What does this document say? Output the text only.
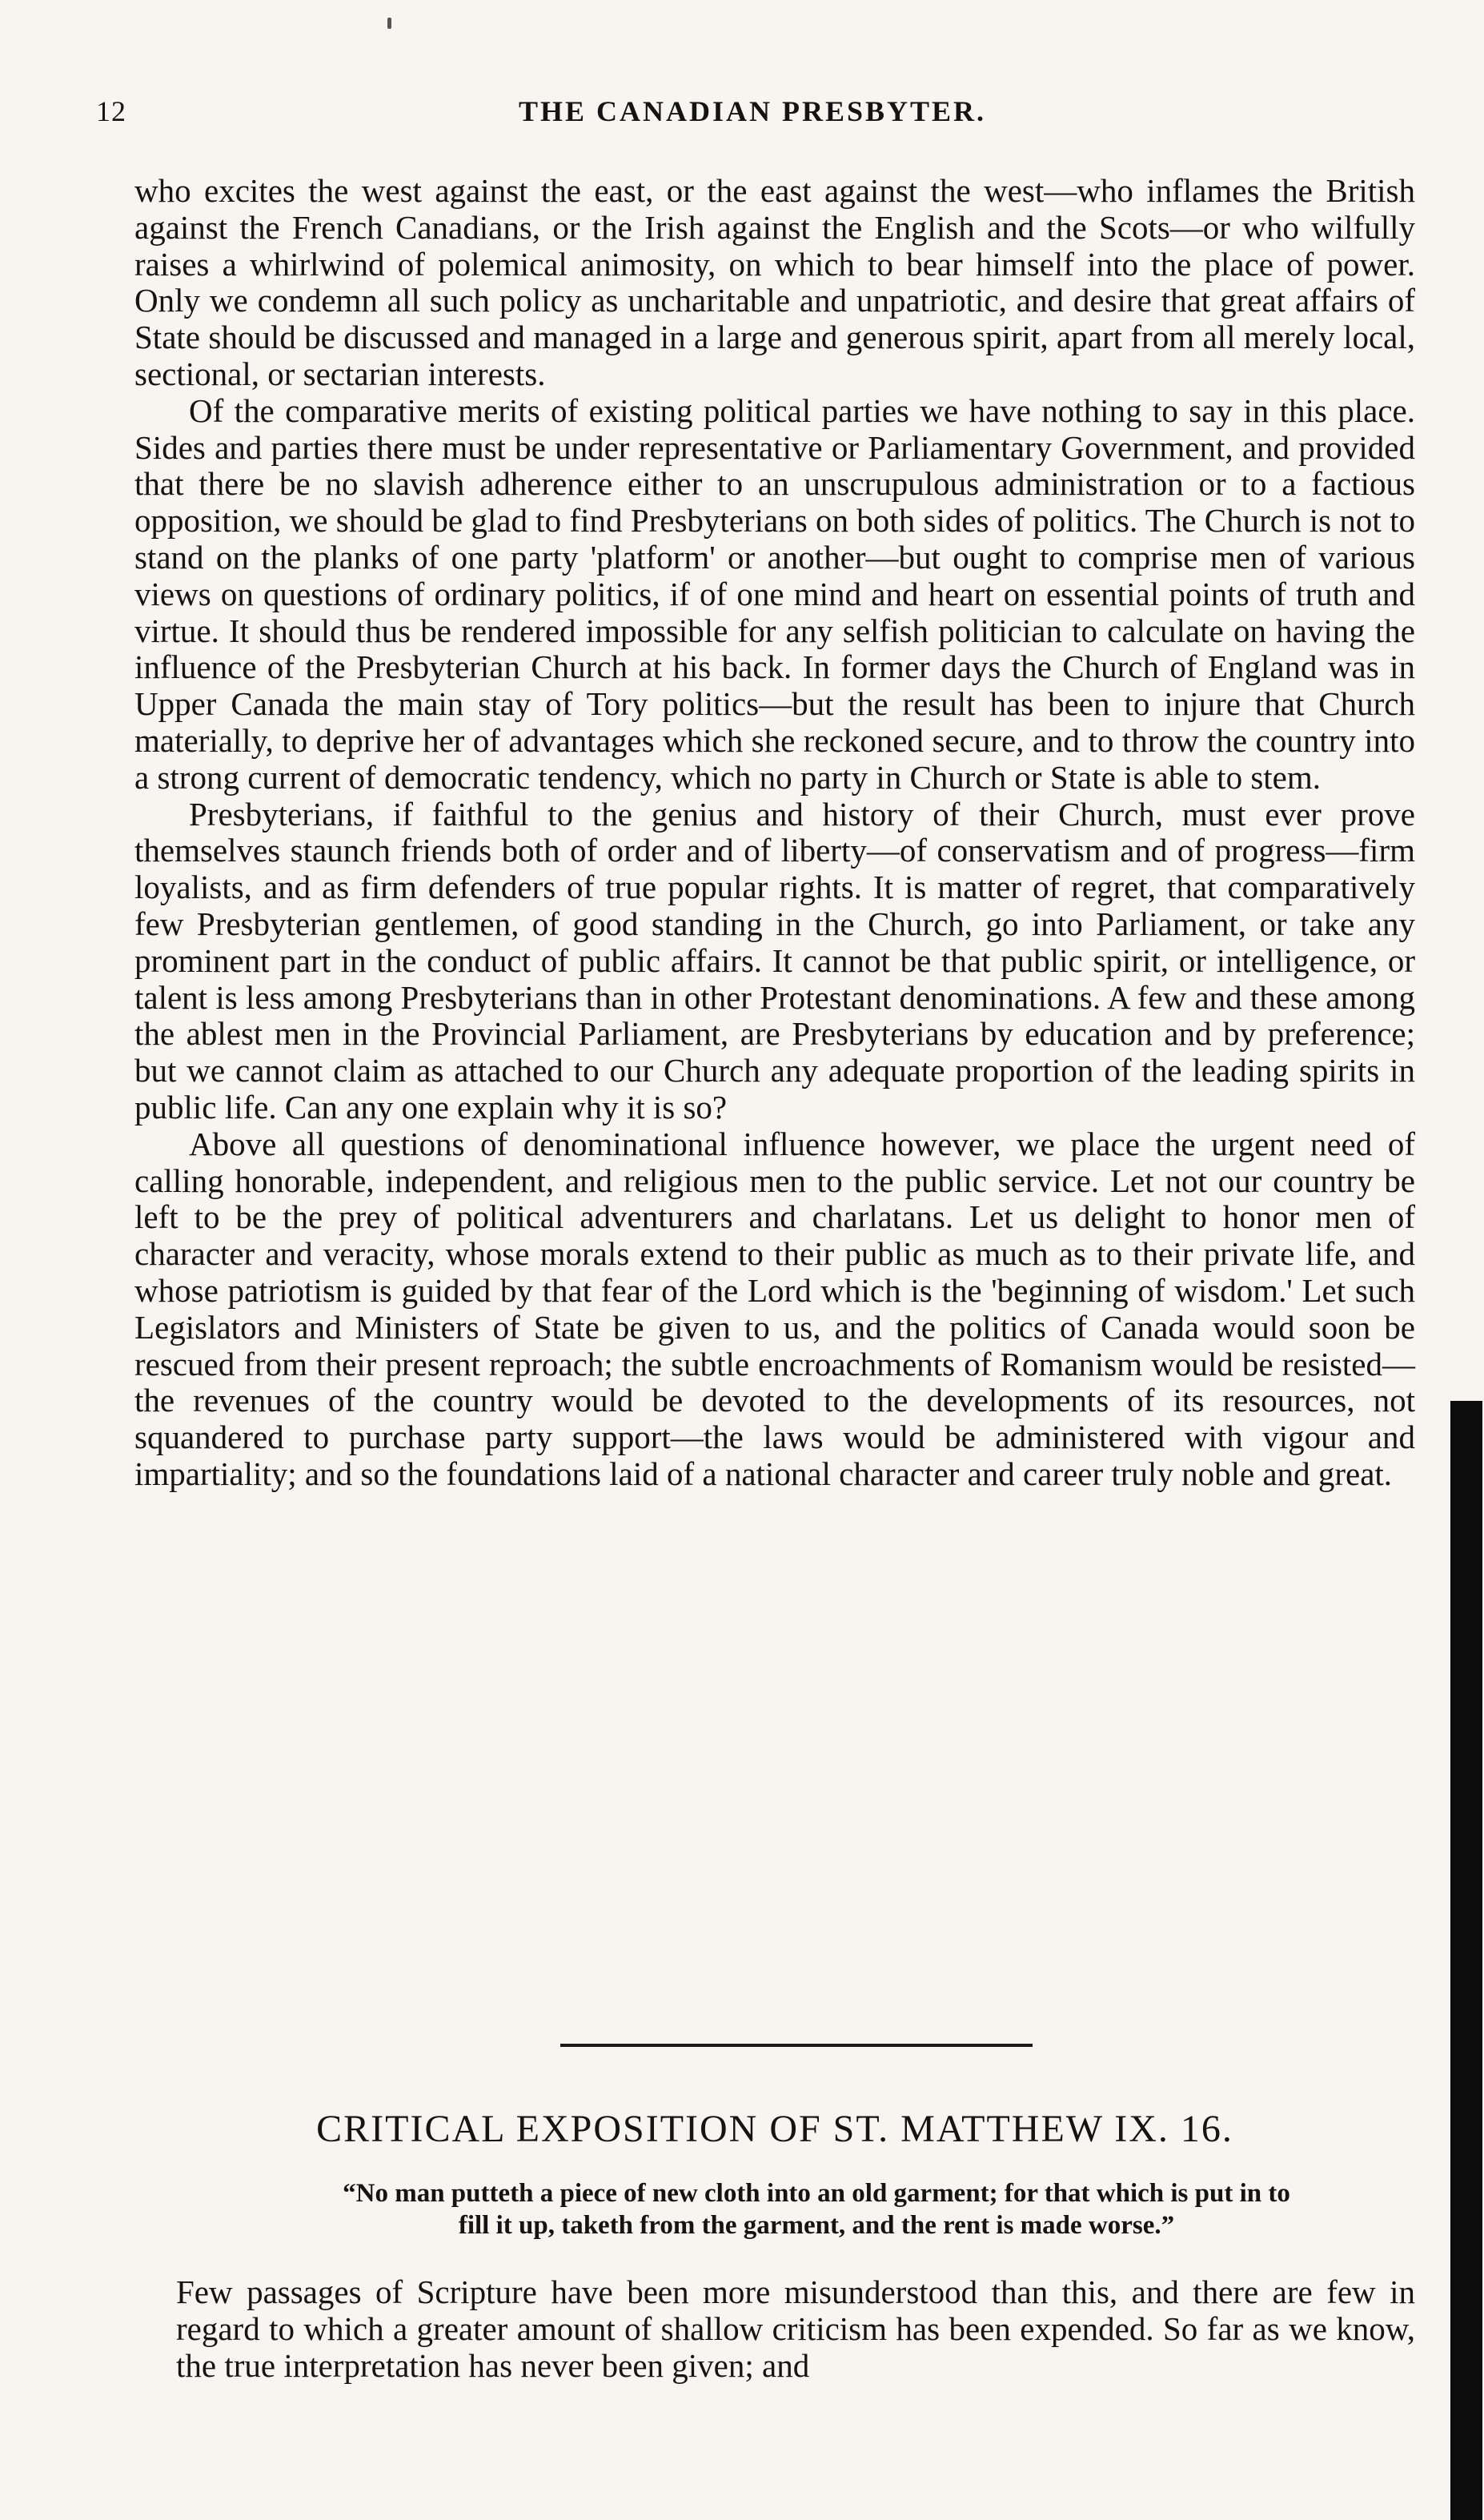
12	THE CANADIAN PRESBYTER.

who excites the west against the east, or the east against the west—who inflames the British against the French Canadians, or the Irish against the English and the Scots—or who wilfully raises a whirlwind of polemical animosity, on which to bear himself into the place of power. Only we condemn all such policy as uncharitable and unpatriotic, and desire that great affairs of State should be discussed and managed in a large and generous spirit, apart from all merely local, sectional, or sectarian interests.

Of the comparative merits of existing political parties we have nothing to say in this place. Sides and parties there must be under representative or Parliamentary Government, and provided that there be no slavish adherence either to an unscrupulous administration or to a factious opposition, we should be glad to find Presbyterians on both sides of politics. The Church is not to stand on the planks of one party 'platform' or another—but ought to comprise men of various views on questions of ordinary politics, if of one mind and heart on essential points of truth and virtue. It should thus be rendered impossible for any selfish politician to calculate on having the influence of the Presbyterian Church at his back. In former days the Church of England was in Upper Canada the main stay of Tory politics—but the result has been to injure that Church materially, to deprive her of advantages which she reckoned secure, and to throw the country into a strong current of democratic tendency, which no party in Church or State is able to stem.

Presbyterians, if faithful to the genius and history of their Church, must ever prove themselves staunch friends both of order and of liberty—of conservatism and of progress—firm loyalists, and as firm defenders of true popular rights. It is matter of regret, that comparatively few Presbyterian gentlemen, of good standing in the Church, go into Parliament, or take any prominent part in the conduct of public affairs. It cannot be that public spirit, or intelligence, or talent is less among Presbyterians than in other Protestant denominations. A few and these among the ablest men in the Provincial Parliament, are Presbyterians by education and by preference; but we cannot claim as attached to our Church any adequate proportion of the leading spirits in public life. Can any one explain why it is so?

Above all questions of denominational influence however, we place the urgent need of calling honorable, independent, and religious men to the public service. Let not our country be left to be the prey of political adventurers and charlatans. Let us delight to honor men of character and veracity, whose morals extend to their public as much as to their private life, and whose patriotism is guided by that fear of the Lord which is the 'beginning of wisdom.' Let such Legislators and Ministers of State be given to us, and the politics of Canada would soon be rescued from their present reproach; the subtle encroachments of Romanism would be resisted—the revenues of the country would be devoted to the developments of its resources, not squandered to purchase party support—the laws would be administered with vigour and impartiality; and so the foundations laid of a national character and career truly noble and great.

CRITICAL EXPOSITION OF ST. MATTHEW IX. 16.
“No man putteth a piece of new cloth into an old garment; for that which is put in to
fill it up, taketh from the garment, and the rent is made worse.”

Few passages of Scripture have been more misunderstood than this, and there are few in regard to which a greater amount of shallow criticism has been expended. So far as we know, the true interpretation has never been given; and
